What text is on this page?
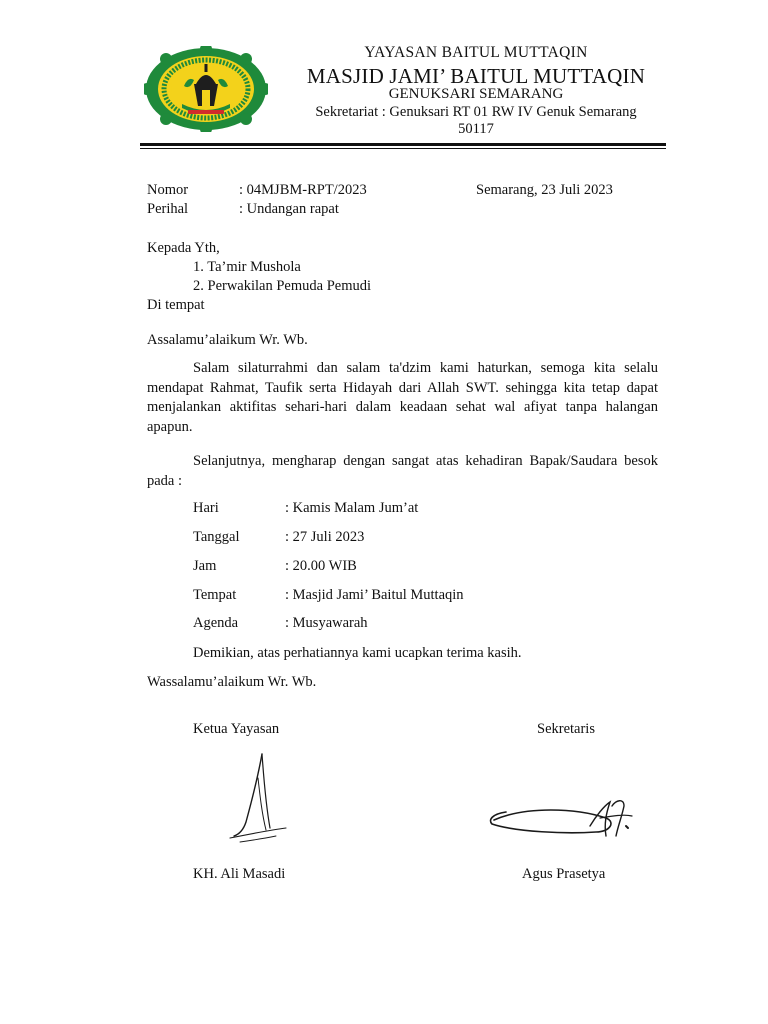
YAYASAN BAITUL MUTTAQIN
MASJID JAMI’ BAITUL MUTTAQIN
GENUKSARI SEMARANG
Sekretariat : Genuksari RT 01 RW IV Genuk Semarang
50117
Nomor	: 04MJBM-RPT/2023	Semarang, 23 Juli 2023
Perihal	: Undangan rapat
Kepada Yth,
1. Ta’mir Mushola
2. Perwakilan Pemuda Pemudi
Di tempat
Assalamu’alaikum Wr. Wb.
Salam silaturrahmi dan salam ta'dzim kami haturkan, semoga kita selalu mendapat Rahmat, Taufik serta Hidayah dari Allah SWT. sehingga kita tetap dapat menjalankan aktifitas sehari-hari dalam keadaan sehat wal afiyat tanpa halangan apapun.
Selanjutnya, mengharap dengan sangat atas kehadiran Bapak/Saudara besok pada :
Hari	: Kamis Malam Jum’at
Tanggal	: 27 Juli 2023
Jam	: 20.00 WIB
Tempat	: Masjid Jami’ Baitul Muttaqin
Agenda	: Musyawarah
Demikian, atas perhatiannya kami ucapkan terima kasih.
Wassalamu’alaikum Wr. Wb.
Ketua Yayasan	Sekretaris
KH. Ali Masadi	Agus Prasetya
